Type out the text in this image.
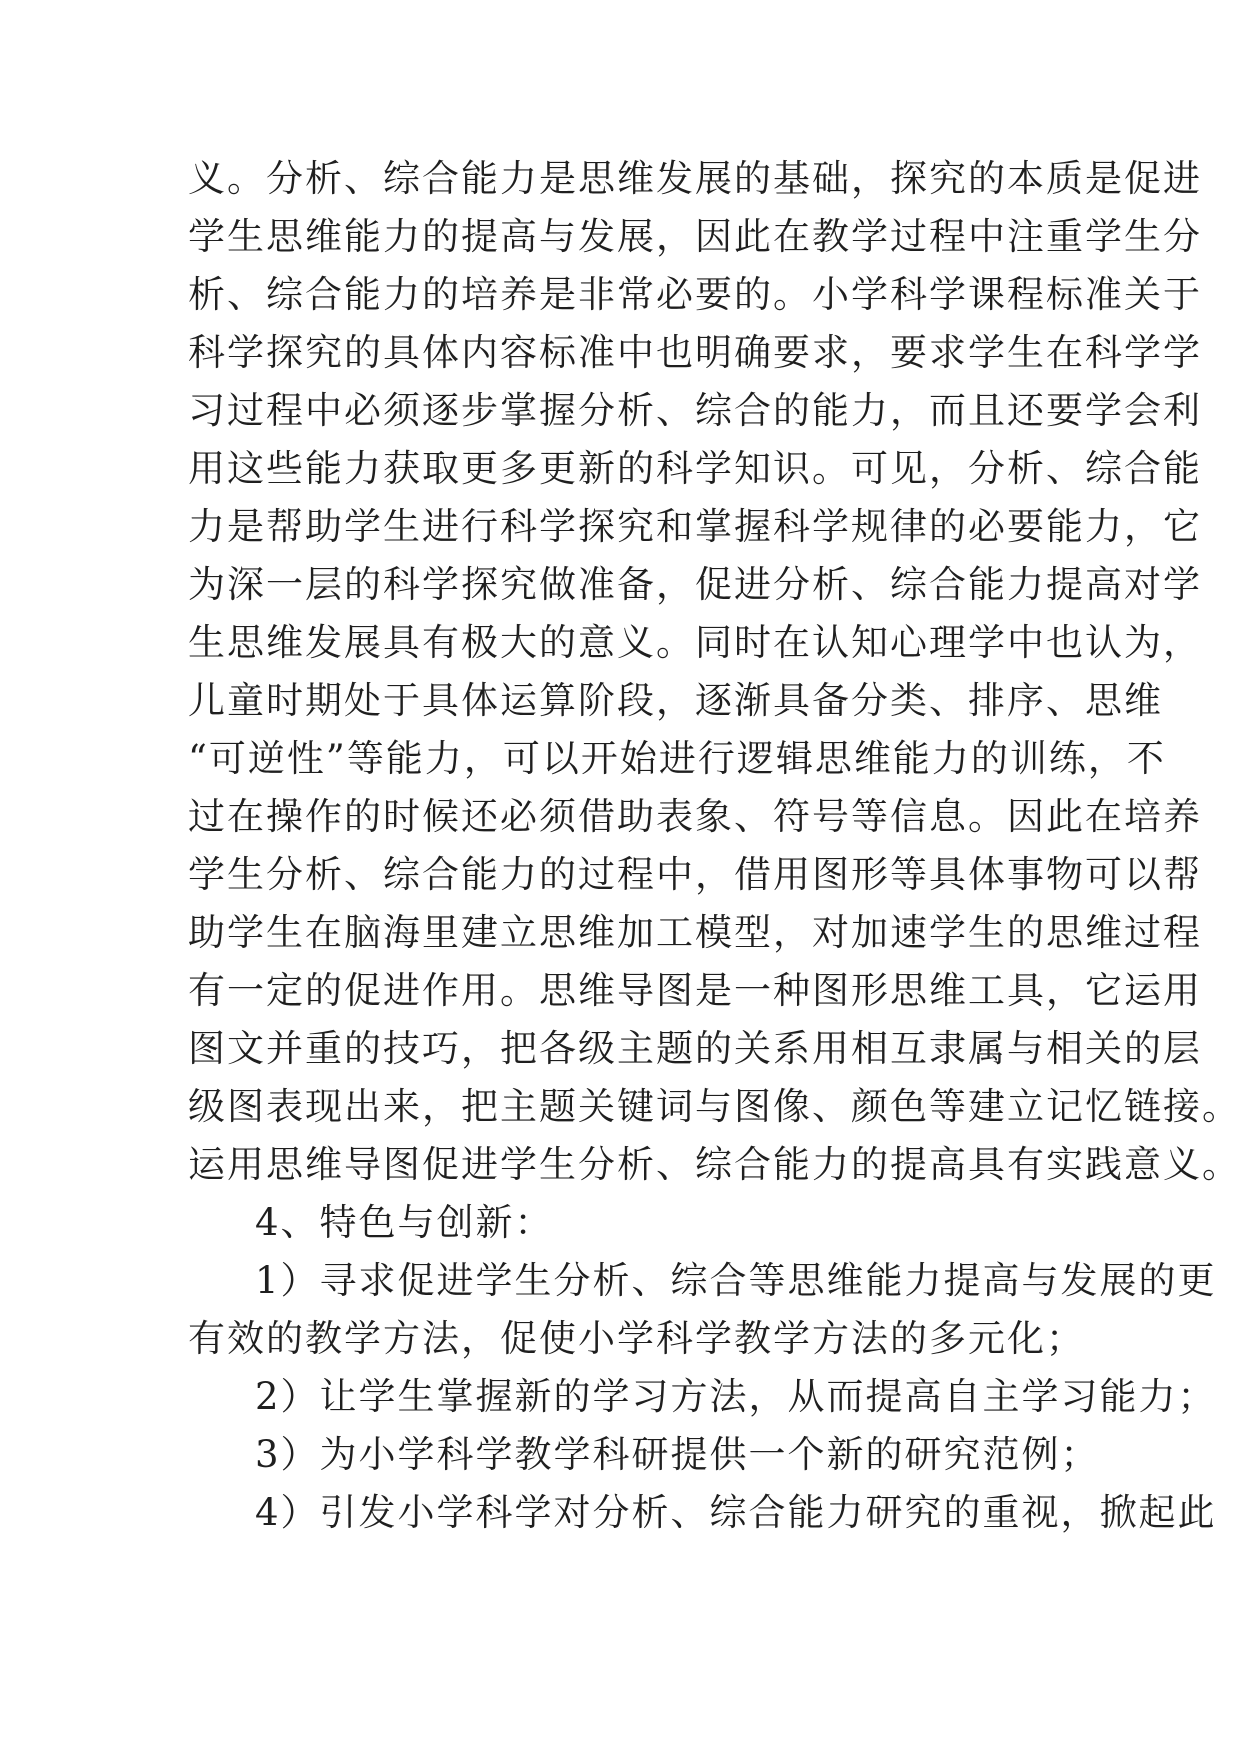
义。分析、综合能力是思维发展的基础，探究的本质是促进
学生思维能力的提高与发展，因此在教学过程中注重学生分
析、综合能力的培养是非常必要的。小学科学课程标准关于
科学探究的具体内容标准中也明确要求，要求学生在科学学
习过程中必须逐步掌握分析、综合的能力，而且还要学会利
用这些能力获取更多更新的科学知识。可见，分析、综合能
力是帮助学生进行科学探究和掌握科学规律的必要能力，它
为深一层的科学探究做准备，促进分析、综合能力提高对学
生思维发展具有极大的意义。同时在认知心理学中也认为，
儿童时期处于具体运算阶段，逐渐具备分类、排序、思维
“可逆性”等能力，可以开始进行逻辑思维能力的训练，不
过在操作的时候还必须借助表象、符号等信息。因此在培养
学生分析、综合能力的过程中，借用图形等具体事物可以帮
助学生在脑海里建立思维加工模型，对加速学生的思维过程
有一定的促进作用。思维导图是一种图形思维工具，它运用
图文并重的技巧，把各级主题的关系用相互隶属与相关的层
级图表现出来，把主题关键词与图像、颜色等建立记忆链接。
运用思维导图促进学生分析、综合能力的提高具有实践意义。
4、特色与创新：
1）寻求促进学生分析、综合等思维能力提高与发展的更
有效的教学方法，促使小学科学教学方法的多元化；
2）让学生掌握新的学习方法，从而提高自主学习能力；
3）为小学科学教学科研提供一个新的研究范例；
4）引发小学科学对分析、综合能力研究的重视，掀起此
